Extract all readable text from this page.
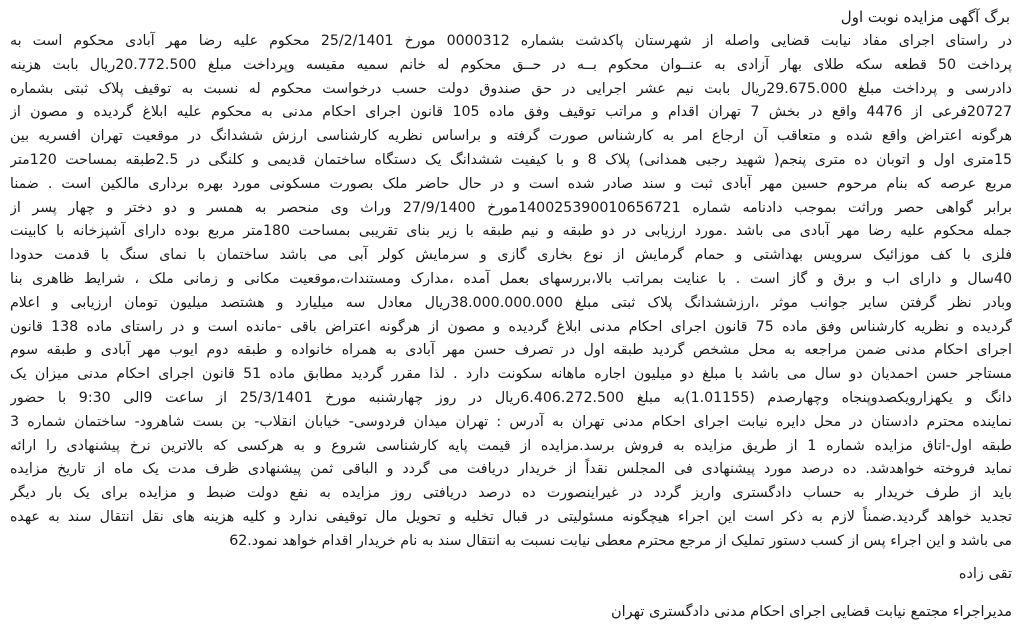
برگ آگهی مزایده نوبت اول
در راستای اجرای مفاد نیابت قضایی واصله از شهرستان پاکدشت بشماره 0000312 مورخ 25/2/1401 محکوم علیه رضا مهر آبادی محکوم است به
پرداخت 50 قطعه سکه طلای بهار آزادی به عنــوان محکوم بــه در حــق محکوم له خانم سمیه مقیسه وپرداخت مبلغ 20.772.500ریال بابت هزینه
دادرسی و پرداخت مبلغ 29.675.000ریال بابت نیم عشر اجرایی در حق صندوق دولت حسب درخواست محکوم له نسبت به توقیف پلاک ثبتی بشماره
20727فرعی از 4476 واقع در بخش 7 تهران اقدام و مراتب توقیف وفق ماده 105 قانون اجرای احکام مدنی به محکوم علیه ابلاغ گردیده و مصون از
هرگونه اعتراض واقع شده و متعاقب آن ارجاع امر به کارشناس صورت گرفته و براساس نظریه کارشناسی ارزش ششدانگ در موقعیت تهران افسریه بین
15متری اول و اتوبان ده متری پنجم( شهید رجبی همدانی) پلاک 8 و با کیفیت ششدانگ یک دستگاه ساختمان قدیمی و کلنگی در 2.5طبقه بمساحت 120متر
مربع عرصه که بنام مرحوم حسین مهر آبادی ثبت و سند صادر شده است و در حال حاضر ملک بصورت مسکونی مورد بهره برداری مالکین است . ضمنا
برابر گواهی حصر وراثت بموجب دادنامه شماره 140025390010656721مورخ 27/9/1400 وراث وی منحصر به همسر و دو دختر و چهار پسر از
جمله محکوم علیه رضا مهر آبادی می باشد .مورد ارزیابی در دو طبقه و نیم طبقه با زیر بنای تقریبی بمساحت 180متر مربع بوده دارای آشپزخانه با کابینت
فلزی با کف موزائیک سرویس بهداشتی و حمام گرمایش از نوع بخاری گازی و سرمایش کولر آبی می باشد ساختمان با نمای سنگ با قدمت حدودا
40سال و دارای اب و برق و گاز است . با عنایت بمراتب بالا،بررسهای بعمل آمده ،مدارک ومستندات،موقعیت مکانی و زمانی ملک ، شرایط ظاهری بنا
وبادر نظر گرفتن سایر جوانب موثر ،ارزششدانگ پلاک ثبتی مبلغ 38.000.000.000ریال معادل سه میلیارد و هشتصد میلیون تومان ارزیابی و اعلام
گردیده و نظریه کارشناس وفق ماده 75 قانون اجرای احکام مدنی ابلاغ گردیده و مصون از هرگونه اعتراض باقی -مانده است و در راستای ماده 138 قانون
اجرای احکام مدنی ضمن مراجعه به محل مشخص گردید طبقه اول در تصرف حسن مهر آبادی به همراه خانواده و طبقه دوم ایوب مهر آبادی و طبقه سوم
مستاجر حسن احمدیان دو سال می باشد با مبلغ دو میلیون اجاره ماهانه سکونت دارد . لذا مقرر گردید مطابق ماده 51 قانون اجرای احکام مدنی میزان یک
دانگ و یکهزارویکصدوپنجاه وچهارصدم (1.01155)به مبلغ 6.406.272.500ریال در روز چهارشنبه مورخ 25/3/1401 از ساعت 9الی 9:30 با حضور
نماینده محترم دادستان در محل دایره نیابت اجرای احکام مدنی تهران به آدرس : تهران میدان فردوسی- خیابان انقلاب- بن بست شاهرود- ساختمان شماره 3
طبقه اول-اتاق مزایده شماره 1 از طریق مزایده به فروش برسد.مزایده از قیمت پایه کارشناسی شروع و به هرکسی که بالاترین نرخ پیشنهادی را ارائه
نماید فروخته خواهدشد. ده درصد مورد پیشنهادی فی المجلس نقداً از خریدار دریافت می گردد و الباقی ثمن پیشنهادی ظرف مدت یک ماه از تاریخ مزایده
باید از طرف خریدار به حساب دادگستری واریز گردد در غیراینصورت ده درصد دریافتی روز مزایده به نفع دولت ضبط و مزایده برای یک بار دیگر
تجدید خواهد گردید.ضمناً لازم به ذکر است این اجراء هیچگونه مسئولیتی در قبال تخلیه و تحویل مال توقیفی ندارد و کلیه هزینه های نقل انتقال سند به عهده
می باشد و این اجراء پس از کسب دستور تملیک از مرجع محترم معطی نیابت نسبت به انتقال سند به نام خریدار اقدام خواهد نمود.62
تقی زاده
مدیراجراء مجتمع نیابت قضایی اجرای احکام مدنی دادگستری تهران
